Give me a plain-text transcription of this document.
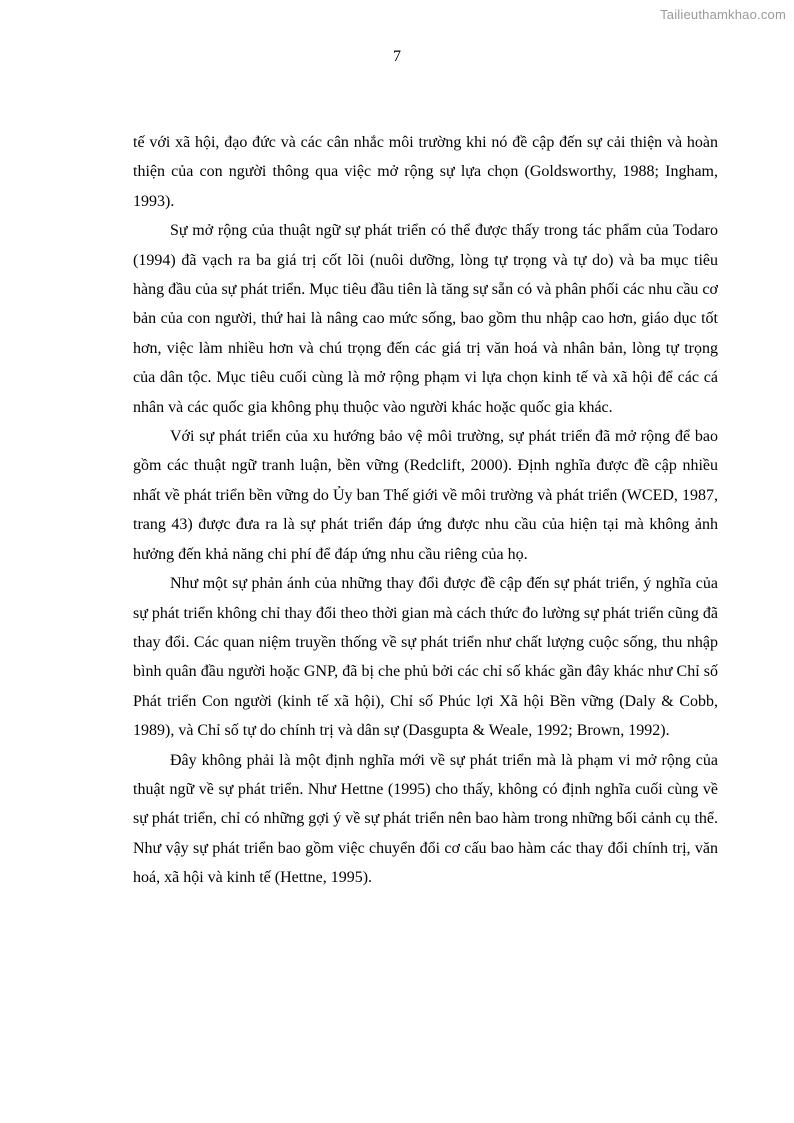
Tailieuthamkhao.com
7

tế với xã hội, đạo đức và các cân nhắc môi trường khi nó đề cập đến sự cải thiện và hoàn thiện của con người thông qua việc mở rộng sự lựa chọn (Goldsworthy, 1988; Ingham, 1993).

Sự mở rộng của thuật ngữ sự phát triển có thể được thấy trong tác phẩm của Todaro (1994) đã vạch ra ba giá trị cốt lõi (nuôi dưỡng, lòng tự trọng và tự do) và ba mục tiêu hàng đầu của sự phát triển. Mục tiêu đầu tiên là tăng sự sẵn có và phân phối các nhu cầu cơ bản của con người, thứ hai là nâng cao mức sống, bao gồm thu nhập cao hơn, giáo dục tốt hơn, việc làm nhiều hơn và chú trọng đến các giá trị văn hoá và nhân bản, lòng tự trọng của dân tộc. Mục tiêu cuối cùng là mở rộng phạm vi lựa chọn kinh tế và xã hội để các cá nhân và các quốc gia không phụ thuộc vào người khác hoặc quốc gia khác.

Với sự phát triển của xu hướng bảo vệ môi trường, sự phát triển đã mở rộng để bao gồm các thuật ngữ tranh luận, bền vững (Redclift, 2000). Định nghĩa được đề cập nhiều nhất về phát triển bền vững do Ủy ban Thế giới về môi trường và phát triển (WCED, 1987, trang 43) được đưa ra là sự phát triển đáp ứng được nhu cầu của hiện tại mà không ảnh hưởng đến khả năng chi phí để đáp ứng nhu cầu riêng của họ.

Như một sự phản ánh của những thay đổi được đề cập đến sự phát triển, ý nghĩa của sự phát triển không chỉ thay đổi theo thời gian mà cách thức đo lường sự phát triển cũng đã thay đổi. Các quan niệm truyền thống về sự phát triển như chất lượng cuộc sống, thu nhập bình quân đầu người hoặc GNP, đã bị che phủ bởi các chỉ số khác gần đây khác như Chỉ số Phát triển Con người (kinh tế xã hội), Chỉ số Phúc lợi Xã hội Bền vững (Daly & Cobb, 1989), và Chỉ số tự do chính trị và dân sự (Dasgupta & Weale, 1992; Brown, 1992).

Đây không phải là một định nghĩa mới về sự phát triển mà là phạm vi mở rộng của thuật ngữ về sự phát triển. Như Hettne (1995) cho thấy, không có định nghĩa cuối cùng về sự phát triển, chỉ có những gợi ý về sự phát triển nên bao hàm trong những bối cảnh cụ thể. Như vậy sự phát triển bao gồm việc chuyển đổi cơ cấu bao hàm các thay đổi chính trị, văn hoá, xã hội và kinh tế (Hettne, 1995).
